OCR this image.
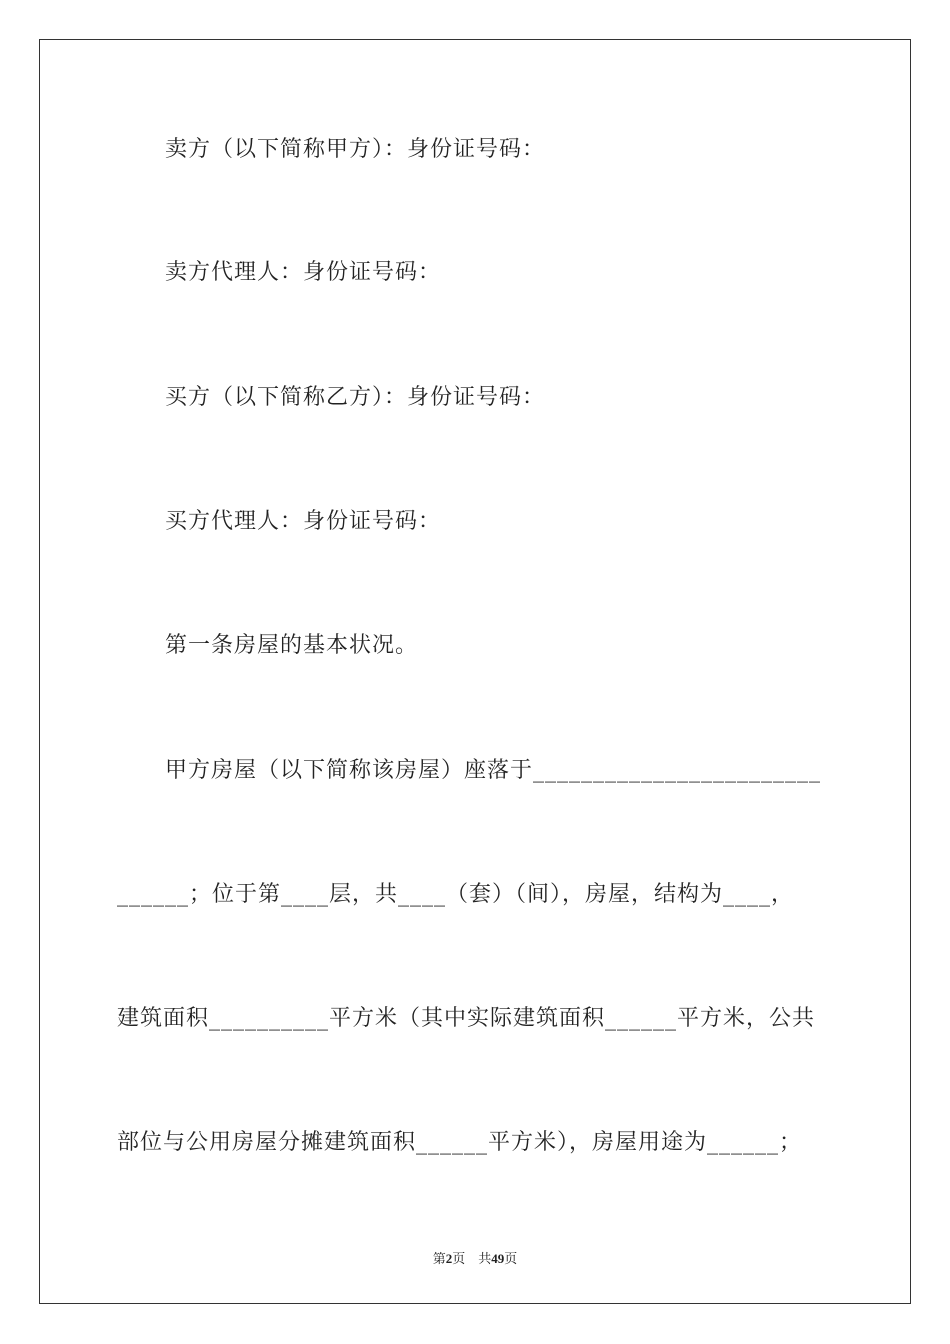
卖方（以下简称甲方）：身份证号码：
卖方代理人：身份证号码：
买方（以下简称乙方）：身份证号码：
买方代理人：身份证号码：
第一条房屋的基本状况。
甲方房屋（以下简称该房屋）座落于________________________
______；位于第____层，共____（套）（间），房屋，结构为____，
建筑面积__________平方米（其中实际建筑面积______平方米，公共
部位与公用房屋分摊建筑面积______平方米），房屋用途为______；
第2页　共49页
